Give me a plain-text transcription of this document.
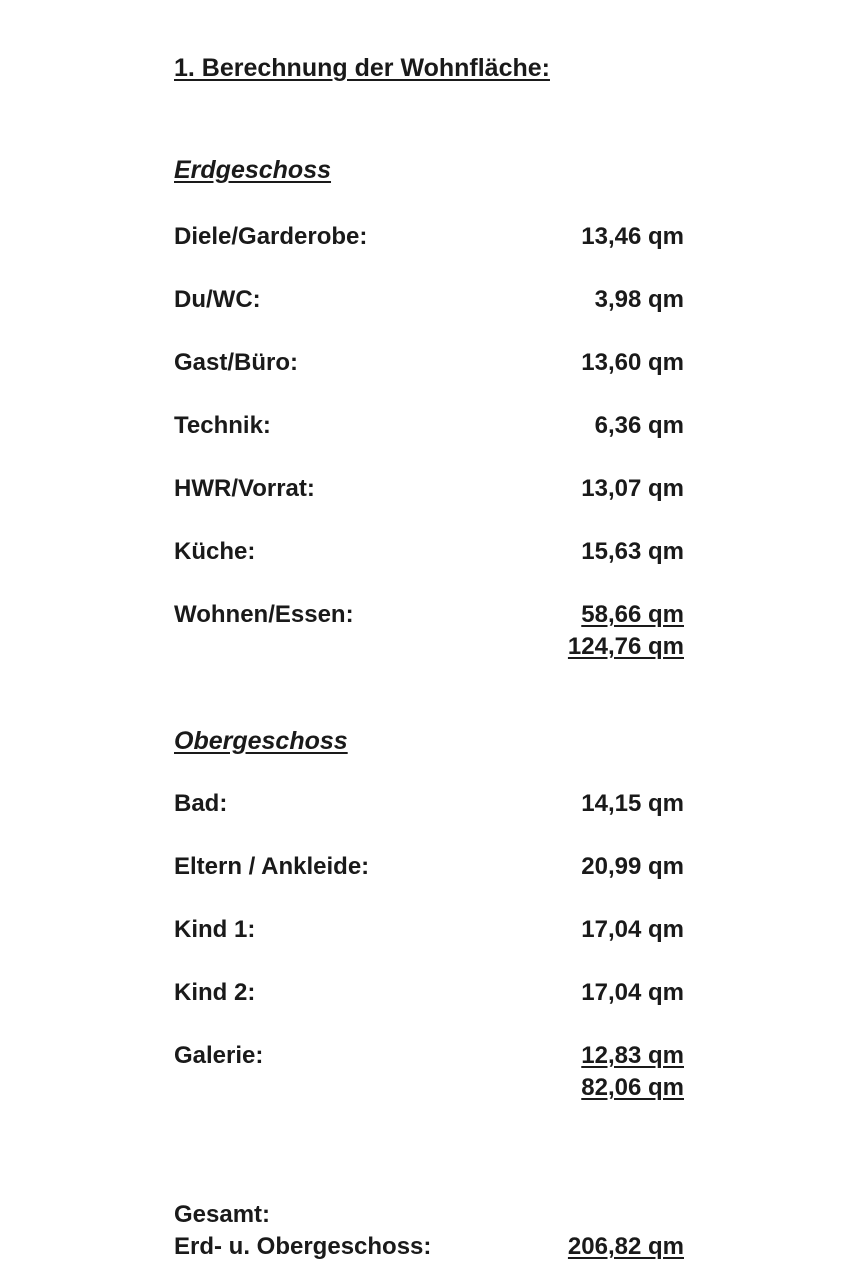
1. Berechnung der Wohnfläche:
Erdgeschoss
Diele/Garderobe:	13,46 qm
Du/WC:	3,98 qm
Gast/Büro:	13,60 qm
Technik:	6,36 qm
HWR/Vorrat:	13,07 qm
Küche:	15,63 qm
Wohnen/Essen:	58,66 qm
124,76 qm
Obergeschoss
Bad:	14,15 qm
Eltern / Ankleide:	20,99 qm
Kind 1:	17,04 qm
Kind 2:	17,04 qm
Galerie:	12,83 qm
82,06 qm
Gesamt:
Erd- u. Obergeschoss:	206,82 qm
